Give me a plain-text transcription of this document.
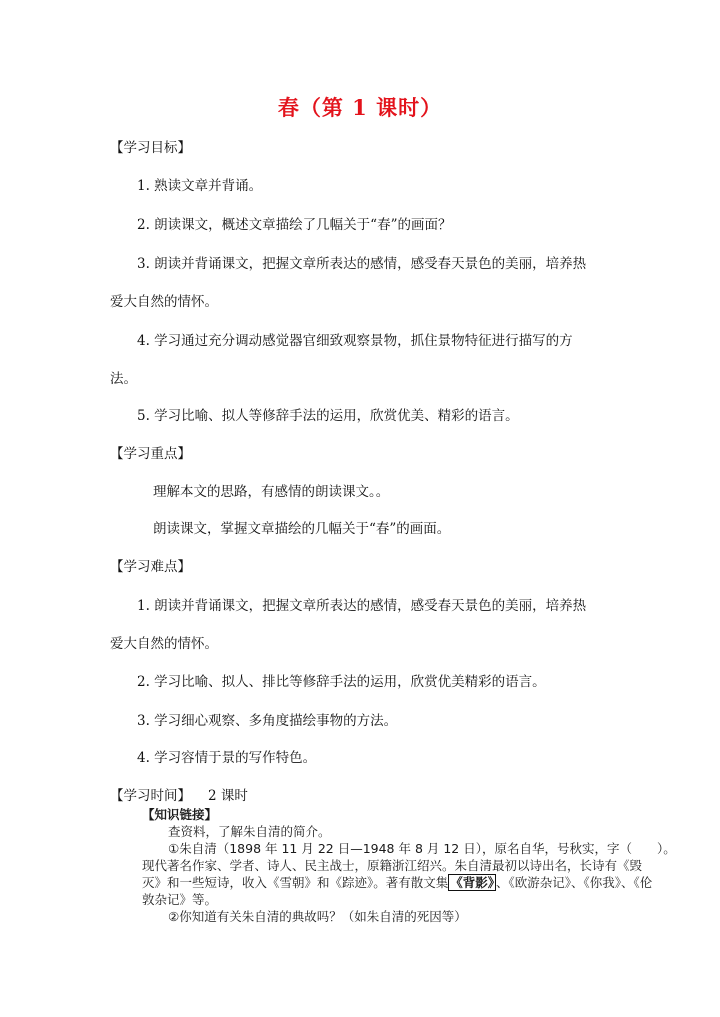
春（第 1 课时）
【学习目标】
1. 熟读文章并背诵。
2. 朗读课文，概述文章描绘了几幅关于“春”的画面？
3. 朗读并背诵课文，把握文章所表达的感情，感受春天景色的美丽，培养热
爱大自然的情怀。
4. 学习通过充分调动感觉器官细致观察景物，抓住景物特征进行描写的方
法。
5. 学习比喻、拟人等修辞手法的运用，欣赏优美、精彩的语言。
【学习重点】
理解本文的思路，有感情的朗读课文。。
朗读课文，掌握文章描绘的几幅关于“春”的画面。
【学习难点】
1. 朗读并背诵课文，把握文章所表达的感情，感受春天景色的美丽，培养热
爱大自然的情怀。
2. 学习比喻、拟人、排比等修辞手法的运用，欣赏优美精彩的语言。
3. 学习细心观察、多角度描绘事物的方法。
4. 学习容情于景的写作特色。
【学习时间】 2 课时
【知识链接】
查资料，了解朱自清的简介。
①朱自清（1898 年 11 月 22 日—1948 年 8 月 12 日），原名自华，号秋实，字（　　）。
现代著名作家、学者、诗人、民主战士，原籍浙江绍兴。朱自清最初以诗出名，长诗有《毁
灭》和一些短诗，收入《雪朝》和《踪迹》。著有散文集 《背影》 、《欧游杂记》、《你我》、《伦
敦杂记》等。
②你知道有关朱自清的典故吗？（如朱自清的死因等）
